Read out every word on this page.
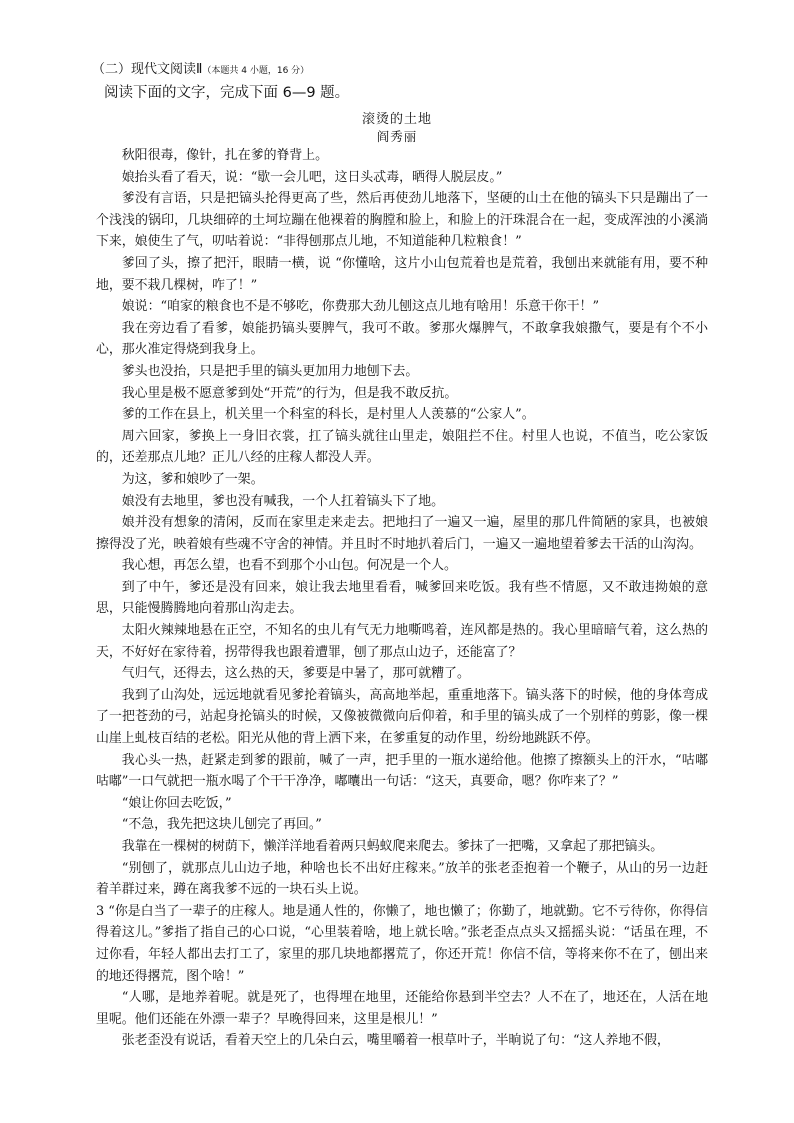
（二）现代文阅读Ⅱ（本题共 4 小题，16 分）
阅读下面的文字，完成下面 6—9 题。
滚烫的土地
阎秀丽

秋阳很毒，像针，扎在爹的脊背上。

娘抬头看了看天，说：“歇一会儿吧，这日头忒毒，晒得人脱层皮。”

爹没有言语，只是把镐头抡得更高了些，然后再使劲儿地落下，坚硬的山土在他的镐头下只是蹦出了一个浅浅的锅印，几块细碎的土坷垃蹦在他裸着的胸膛和脸上，和脸上的汗珠混合在一起，变成浑浊的小溪淌下来，娘使生了气，叨咕着说：“非得刨那点儿地，不知道能种几粒粮食！”

爹回了头，擦了把汗，眼睛一横，说 “你懂啥，这片小山包荒着也是荒着，我刨出来就能有用，要不种地，要不栽几棵树，咋了！”

娘说：“咱家的粮食也不是不够吃，你费那大劲儿刨这点儿地有啥用！乐意干你干！”

我在旁边看了看爹，娘能扔镐头要脾气，我可不敢。爹那火爆脾气，不敢拿我娘撒气，要是有个不小心，那火准定得烧到我身上。

爹头也没抬，只是把手里的镐头更加用力地刨下去。

我心里是极不愿意爹到处“开荒”的行为，但是我不敢反抗。

爹的工作在县上，机关里一个科室的科长，是村里人人羡慕的“公家人”。

周六回家，爹换上一身旧衣裳，扛了镐头就往山里走，娘阻拦不住。村里人也说，不值当，吃公家饭的，还差那点儿地？正儿八经的庄稼人都没人弄。

为这，爹和娘吵了一架。

娘没有去地里，爹也没有喊我，一个人扛着镐头下了地。

娘并没有想象的清闲，反而在家里走来走去。把地扫了一遍又一遍，屋里的那几件简陋的家具，也被娘擦得没了光，映着娘有些魂不守舍的神情。并且时不时地扒着后门，一遍又一遍地望着爹去干活的山沟沟。

我心想，再怎么望，也看不到那个小山包。何况是一个人。

到了中午，爹还是没有回来，娘让我去地里看看，喊爹回来吃饭。我有些不情愿，又不敢违拗娘的意思，只能慢腾腾地向着那山沟走去。

太阳火辣辣地悬在正空，不知名的虫儿有气无力地嘶鸣着，连风都是热的。我心里暗暗气着，这么热的天，不好好在家待着，拐带得我也跟着遭罪，刨了那点山边子，还能富了？

气归气，还得去，这么热的天，爹要是中暑了，那可就糟了。

我到了山沟处，远远地就看见爹抡着镐头，高高地举起，重重地落下。镐头落下的时候，他的身体弯成了一把苍劲的弓，站起身抡镐头的时候，又像被微微向后仰着，和手里的镐头成了一个别样的剪影，像一棵山崖上虬枝百结的老松。阳光从他的背上洒下来，在爹重复的动作里，纷纷地跳跃不停。

我心头一热，赶紧走到爹的跟前，喊了一声，把手里的一瓶水递给他。他擦了擦额头上的汗水，“咕嘟咕嘟”一口气就把一瓶水喝了个干干净净，嘟囔出一句话：“这天，真要命，嗯？你咋来了？”

“娘让你回去吃饭，”

“不急，我先把这块儿刨完了再回。”

我靠在一棵树的树荫下，懒洋洋地看着两只蚂蚁爬来爬去。爹抹了一把嘴，又拿起了那把镐头。

“别刨了，就那点儿山边子地，种啥也长不出好庄稼来。”放羊的张老歪抱着一个鞭子，从山的另一边赶着羊群过来，蹲在离我爹不远的一块石头上说。

3 “你是白当了一辈子的庄稼人。地是通人性的，你懒了，地也懒了；你勤了，地就勤。它不亏待你，你得信得着这儿。”爹指了指自己的心口说，“心里装着啥，地上就长啥。”张老歪点点头又摇摇头说：“话虽在理，不过你看，年轻人都出去打工了，家里的那几块地都撂荒了，你还开荒！你信不信，等将来你不在了，刨出来的地还得撂荒，图个啥！”

“人哪，是地养着呢。就是死了，也得埋在地里，还能给你悬到半空去？人不在了，地还在，人活在地里呢。他们还能在外漂一辈子？早晚得回来，这里是根儿！”

张老歪没有说话，看着天空上的几朵白云，嘴里嚼着一根草叶子，半晌说了句：“这人养地不假，
